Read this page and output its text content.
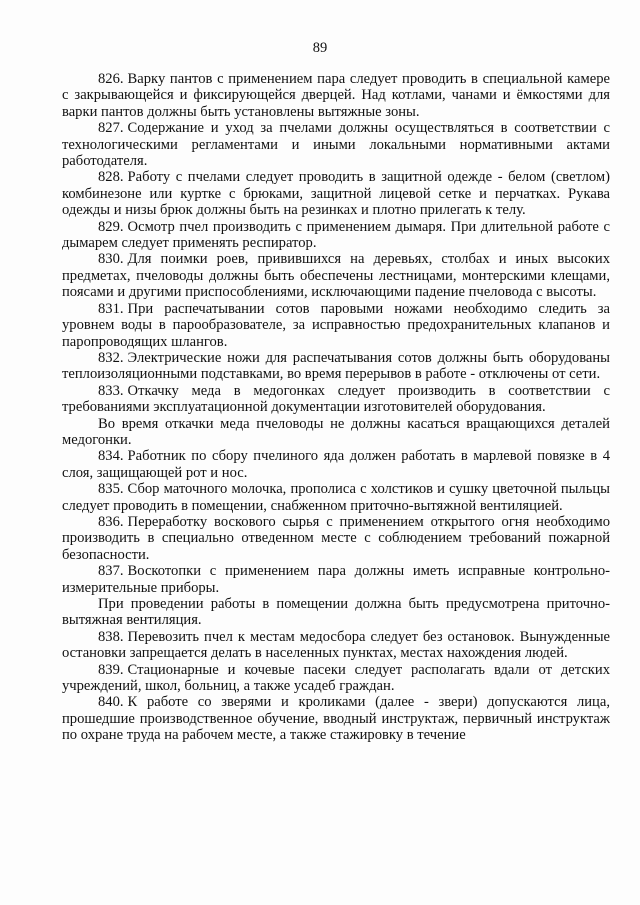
89

826. Варку пантов с применением пара следует проводить в специальной камере с закрывающейся и фиксирующейся дверцей. Над котлами, чанами и ёмкостями для варки пантов должны быть установлены вытяжные зоны.

827. Содержание и уход за пчелами должны осуществляться в соответствии с технологическими регламентами и иными локальными нормативными актами работодателя.

828. Работу с пчелами следует проводить в защитной одежде - белом (светлом) комбинезоне или куртке с брюками, защитной лицевой сетке и перчатках. Рукава одежды и низы брюк должны быть на резинках и плотно прилегать к телу.

829. Осмотр пчел производить с применением дымаря. При длительной работе с дымарем следует применять респиратор.

830. Для поимки роев, привившихся на деревьях, столбах и иных высоких предметах, пчеловоды должны быть обеспечены лестницами, монтерскими клещами, поясами и другими приспособлениями, исключающими падение пчеловода с высоты.

831. При распечатывании сотов паровыми ножами необходимо следить за уровнем воды в парообразователе, за исправностью предохранительных клапанов и паропроводящих шлангов.

832. Электрические ножи для распечатывания сотов должны быть оборудованы теплоизоляционными подставками, во время перерывов в работе - отключены от сети.

833. Откачку меда в медогонках следует производить в соответствии с требованиями эксплуатационной документации изготовителей оборудования.

Во время откачки меда пчеловоды не должны касаться вращающихся деталей медогонки.

834. Работник по сбору пчелиного яда должен работать в марлевой повязке в 4 слоя, защищающей рот и нос.

835. Сбор маточного молочка, прополиса с холстиков и сушку цветочной пыльцы следует проводить в помещении, снабженном приточно-вытяжной вентиляцией.

836. Переработку воскового сырья с применением открытого огня необходимо производить в специально отведенном месте с соблюдением требований пожарной безопасности.

837. Воскотопки с применением пара должны иметь исправные контрольно-измерительные приборы.

При проведении работы в помещении должна быть предусмотрена приточно-вытяжная вентиляция.

838. Перевозить пчел к местам медосбора следует без остановок. Вынужденные остановки запрещается делать в населенных пунктах, местах нахождения людей.

839. Стационарные и кочевые пасеки следует располагать вдали от детских учреждений, школ, больниц, а также усадеб граждан.

840. К работе со зверями и кроликами (далее - звери) допускаются лица, прошедшие производственное обучение, вводный инструктаж, первичный инструктаж по охране труда на рабочем месте, а также стажировку в течение
